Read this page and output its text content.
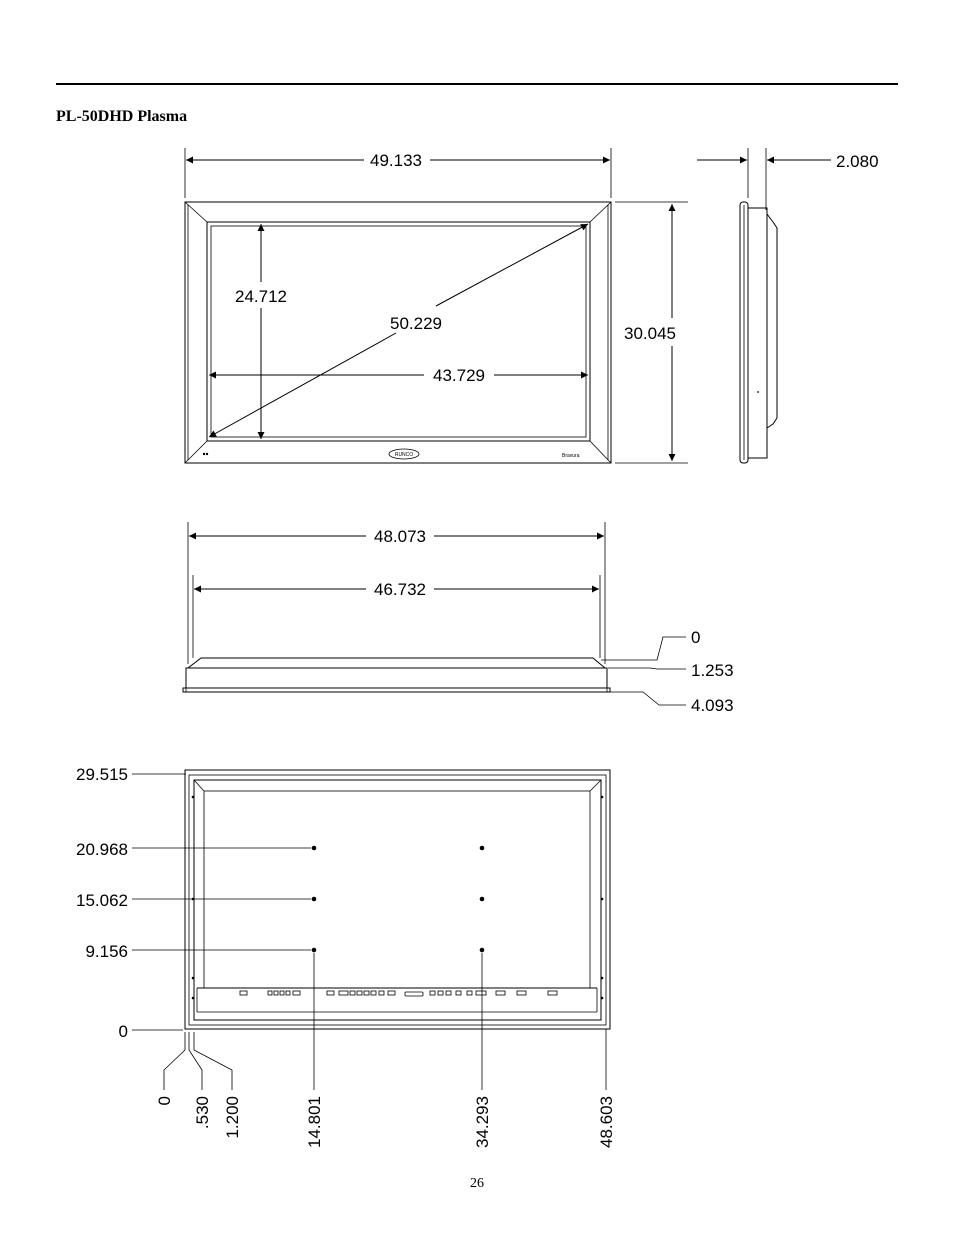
PL-50DHD Plasma
RUNCO	Bravura
49.133
24.712
50.229
43.729
30.045
2.080
48.073
46.732
0
1.253
4.093
29.515
20.968
15.062
9.156
0
0 .530 1.200	14.801	34.293	48.603
26
